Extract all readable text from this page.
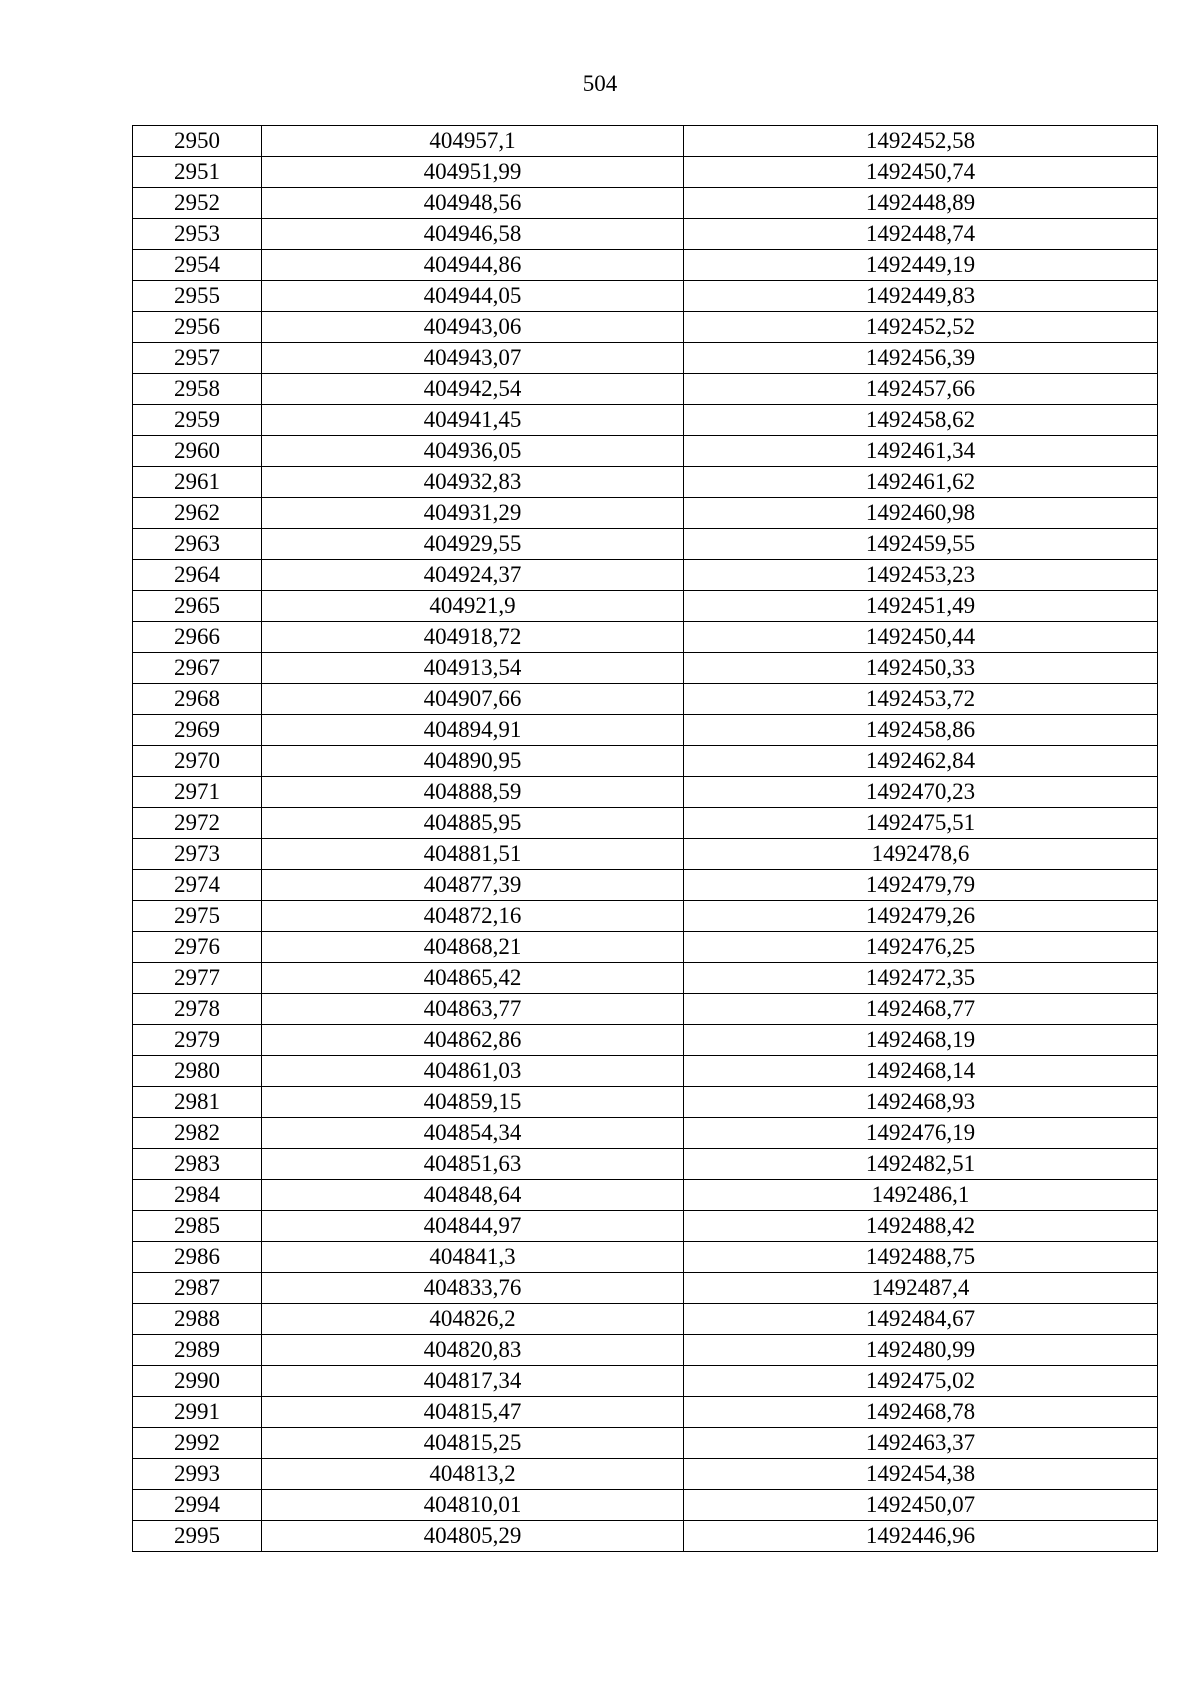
504
2950	404957,1	1492452,58
2951	404951,99	1492450,74
2952	404948,56	1492448,89
2953	404946,58	1492448,74
2954	404944,86	1492449,19
2955	404944,05	1492449,83
2956	404943,06	1492452,52
2957	404943,07	1492456,39
2958	404942,54	1492457,66
2959	404941,45	1492458,62
2960	404936,05	1492461,34
2961	404932,83	1492461,62
2962	404931,29	1492460,98
2963	404929,55	1492459,55
2964	404924,37	1492453,23
2965	404921,9	1492451,49
2966	404918,72	1492450,44
2967	404913,54	1492450,33
2968	404907,66	1492453,72
2969	404894,91	1492458,86
2970	404890,95	1492462,84
2971	404888,59	1492470,23
2972	404885,95	1492475,51
2973	404881,51	1492478,6
2974	404877,39	1492479,79
2975	404872,16	1492479,26
2976	404868,21	1492476,25
2977	404865,42	1492472,35
2978	404863,77	1492468,77
2979	404862,86	1492468,19
2980	404861,03	1492468,14
2981	404859,15	1492468,93
2982	404854,34	1492476,19
2983	404851,63	1492482,51
2984	404848,64	1492486,1
2985	404844,97	1492488,42
2986	404841,3	1492488,75
2987	404833,76	1492487,4
2988	404826,2	1492484,67
2989	404820,83	1492480,99
2990	404817,34	1492475,02
2991	404815,47	1492468,78
2992	404815,25	1492463,37
2993	404813,2	1492454,38
2994	404810,01	1492450,07
2995	404805,29	1492446,96
